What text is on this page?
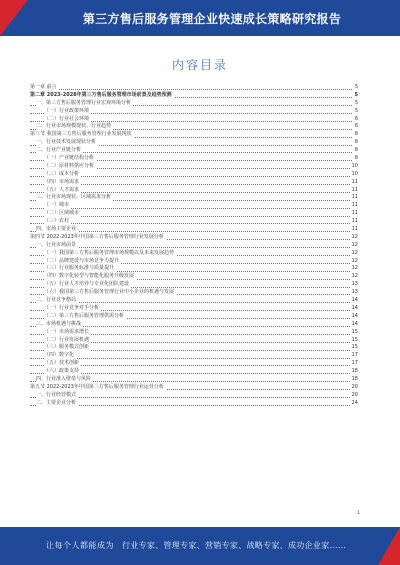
第三方售后服务管理企业快速成长策略研究报告
内容目录
第一章 前言	5
第二章 2023-2028年第三方售后服务管理市场前景及趋势预测	5
一、第三方售后服务管理行业宏观环境分析	5
（一）行业政策环境	5
（二）行业社会环境	6
二、行业市场规模现状、行业趋势	6
第三节 我国第三方售后服务管理行业发展现状	8
一、行业技术发展现状分析	8
二、行业产业链分析	8
（一）产业链结构分析	8
（二）原材料供应分析	10
（三）成本分析	10
（四）市场需求	11
（五）人才需求	11
三、行业市场现状、区域需求分析	11
（一）城市	11
（二）区域城市	11
（三）农村	11
四、市场主要企业	11
第四节 2022-2023年中国第三方售后服务管理行业发展分析	12
一、行业市场前景	12
（一）我国第三方售后服务管理市场规模以及未来发展趋势	12
（二）品牌建设与市场竞争力提升	12
（三）行业服务标准与质量提升	12
（四）数字化转型与智能化服务升级发展	12
（五）行业人才培养与专业化团队建设	13
（六）我国第三方售后服务管理行业中小企业的机遇与发展	13
二、行业竞争格局	14
（一）行业竞争对手分析	14
（二）第三方售后服务管理供需分析	14
三、市场机遇与挑战	14
（一）市场需求增长	15
（二）行业发展机遇	15
（三）服务模式创新	15
（四）数字化	17
（五）技术创新	17
（六）政策支持	18
四、行业准入壁垒与风险	18
第五节 2022-2023年中国第三方售后服务管理行业运营分析	20
一、行业经营模式	20
二、主要企业分析	24
1
让每个人都能成为 行业专家、管理专家、营销专家、战略专家、成功企业家……
